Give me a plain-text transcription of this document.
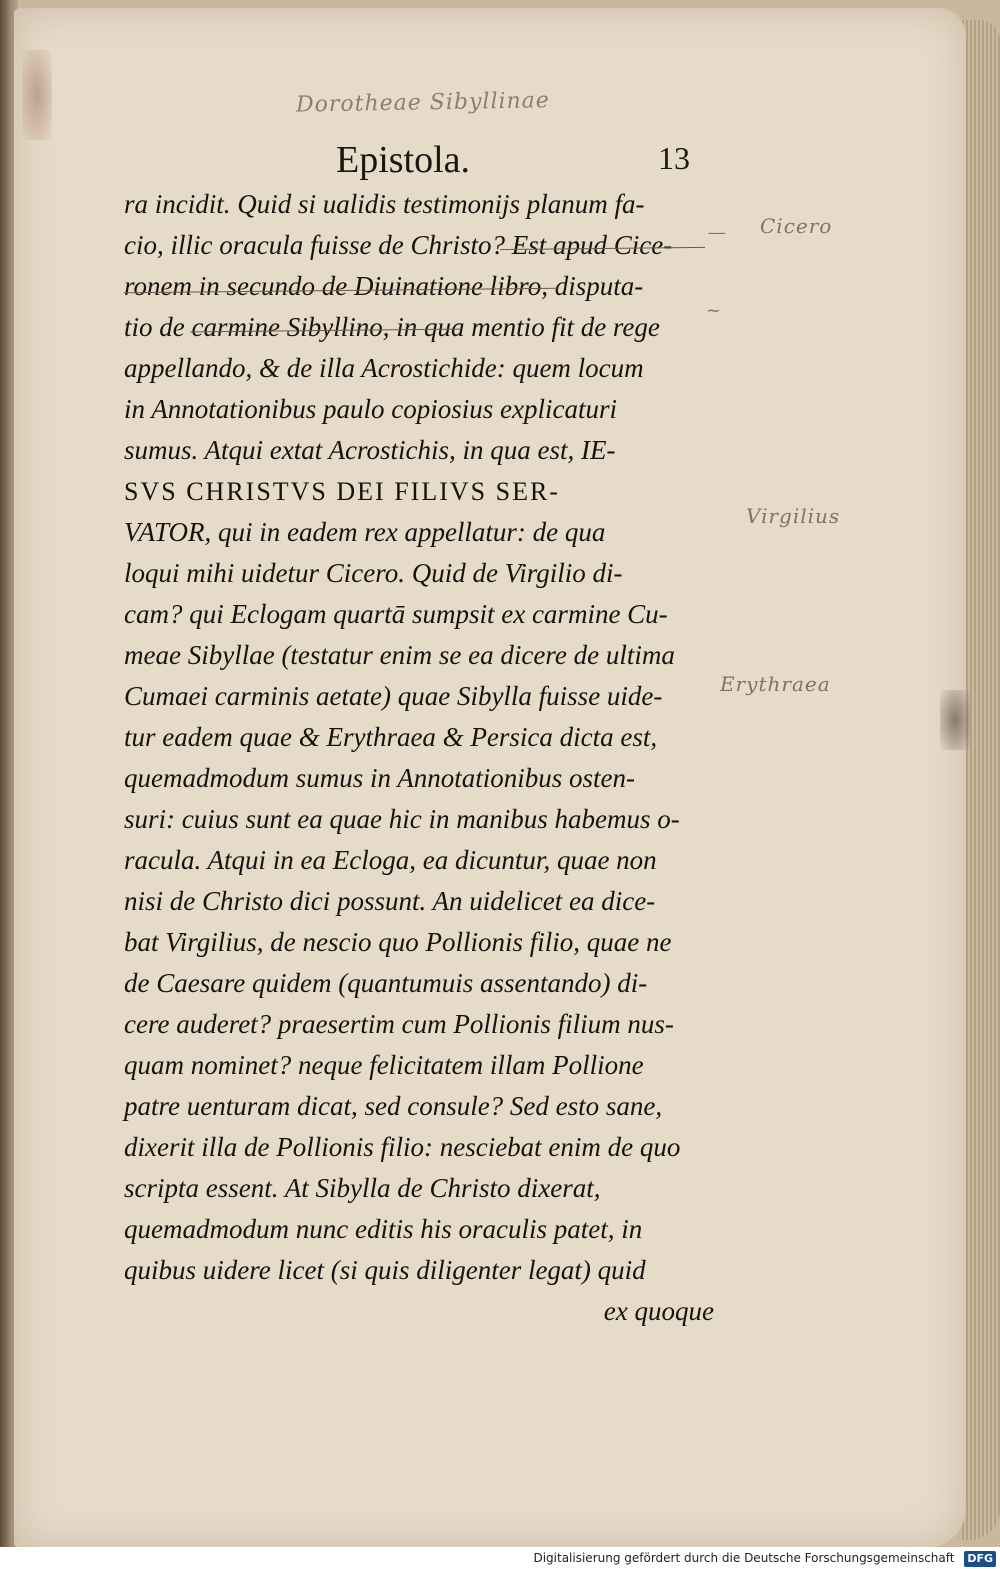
Dorotheae Sibyllinae
Epistola.	13
ra incidit. Quid si ualidis testimonijs planum fa-
cio, illic oracula fuisse de Christo? Est apud Cice-
ronem in secundo de Diuinatione libro, disputa-
tio de carmine Sibyllino, in qua mentio fit de rege
appellando, & de illa Acrostichide: quem locum
in Annotationibus paulo copiosius explicaturi
sumus. Atqui extat Acrostichis, in qua est, IE-
SVS CHRISTVS DEI FILIVS SER-
VATOR, qui in eadem rex appellatur: de qua
loqui mihi uidetur Cicero. Quid de Virgilio di-
cam? qui Eclogam quartā sumpsit ex carmine Cu-
meae Sibyllae (testatur enim se ea dicere de ultima
Cumaei carminis aetate) quae Sibylla fuisse uide-
tur eadem quae & Erythraea & Persica dicta est,
quemadmodum sumus in Annotationibus osten-
suri: cuius sunt ea quae hic in manibus habemus o-
racula. Atqui in ea Ecloga, ea dicuntur, quae non
nisi de Christo dici possunt. An uidelicet ea dice-
bat Virgilius, de nescio quo Pollionis filio, quae ne
de Caesare quidem (quantumuis assentando) di-
cere auderet? praesertim cum Pollionis filium nus-
quam nominet? neque felicitatem illam Pollione
patre uenturam dicat, sed consule? Sed esto sane,
dixerit illa de Pollionis filio: nesciebat enim de quo
scripta essent. At Sibylla de Christo dixerat,
quemadmodum nunc editis his oraculis patet, in
quibus uidere licet (si quis diligenter legat) quid
ex quoque
—
~
Cicero
Virgilius
Erythraea
Digitalisierung gefördert durch die Deutsche Forschungsgemeinschaft DFG
